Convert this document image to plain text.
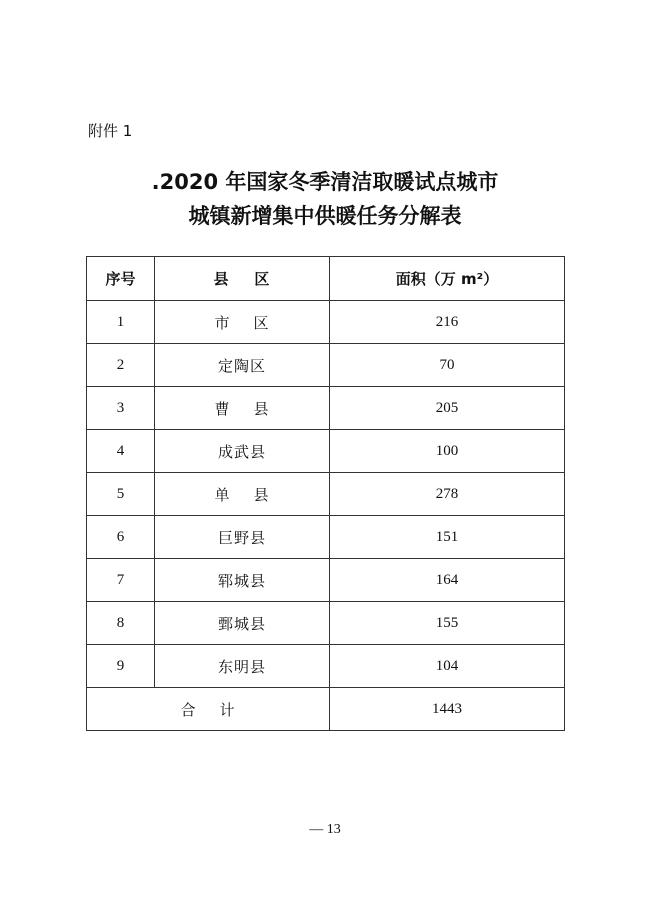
附件 1
.2020 年国家冬季清洁取暖试点城市
城镇新增集中供暖任务分解表
序号	县    区	面积（万 m²）
1	市    区	216
2	定陶区	70
3	曹    县	205
4	成武县	100
5	单    县	278
6	巨野县	151
7	郓城县	164
8	鄄城县	155
9	东明县	104
合    计		1443
— 13
